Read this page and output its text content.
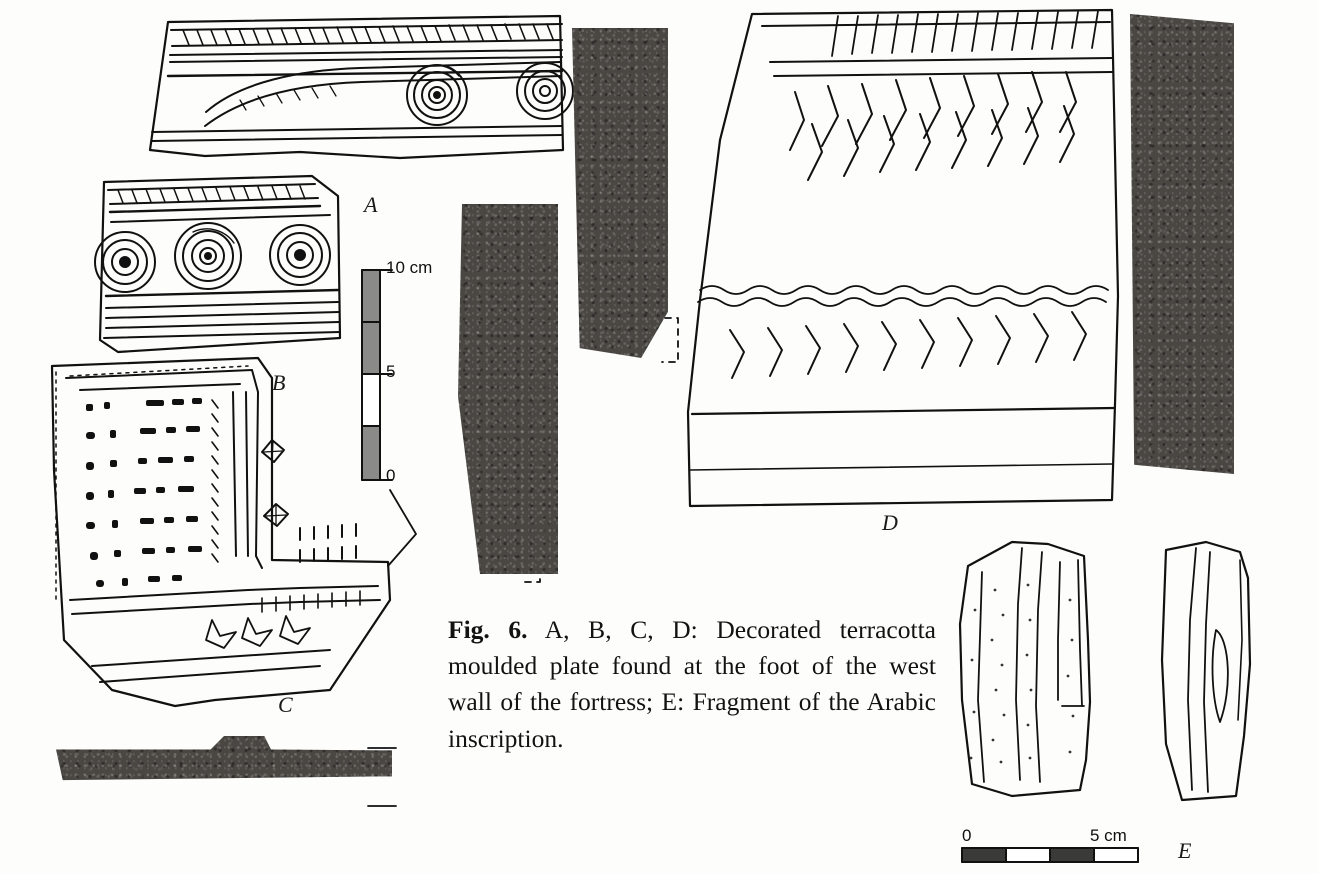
A
B
C
D
E
10 cm
5
0
0	5 cm
Fig. 6. A, B, C, D: Decorated terracotta moulded plate found at the foot of the west wall of the fortress; E: Fragment of the Arabic inscription.
